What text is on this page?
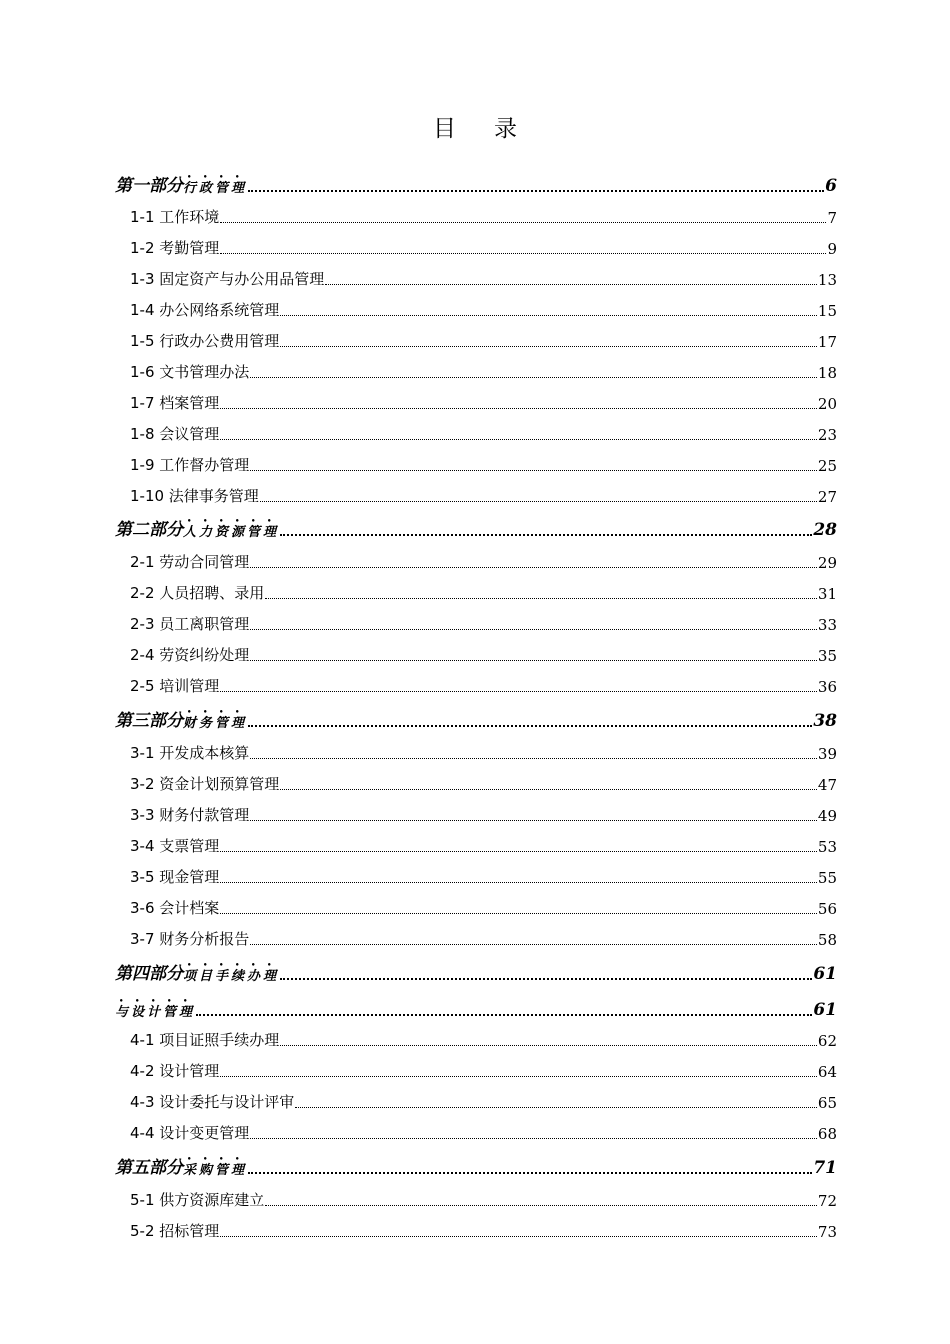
目录
第一部分 行政管理	6
1-1 工作环境	7
1-2 考勤管理	9
1-3 固定资产与办公用品管理	13
1-4 办公网络系统管理	15
1-5 行政办公费用管理	17
1-6 文书管理办法	18
1-7 档案管理	20
1-8 会议管理	23
1-9 工作督办管理	25
1-10 法律事务管理	27
第二部分 人力资源管理	28
2-1 劳动合同管理	29
2-2 人员招聘、录用	31
2-3 员工离职管理	33
2-4 劳资纠纷处理	35
2-5 培训管理	36
第三部分 财务管理	38
3-1 开发成本核算	39
3-2 资金计划预算管理	47
3-3 财务付款管理	49
3-4 支票管理	53
3-5 现金管理	55
3-6 会计档案	56
3-7 财务分析报告	58
第四部分 项目手续办理	61
与设计管理	61
4-1 项目证照手续办理	62
4-2 设计管理	64
4-3 设计委托与设计评审	65
4-4 设计变更管理	68
第五部分 采购管理	71
5-1 供方资源库建立	72
5-2 招标管理	73
